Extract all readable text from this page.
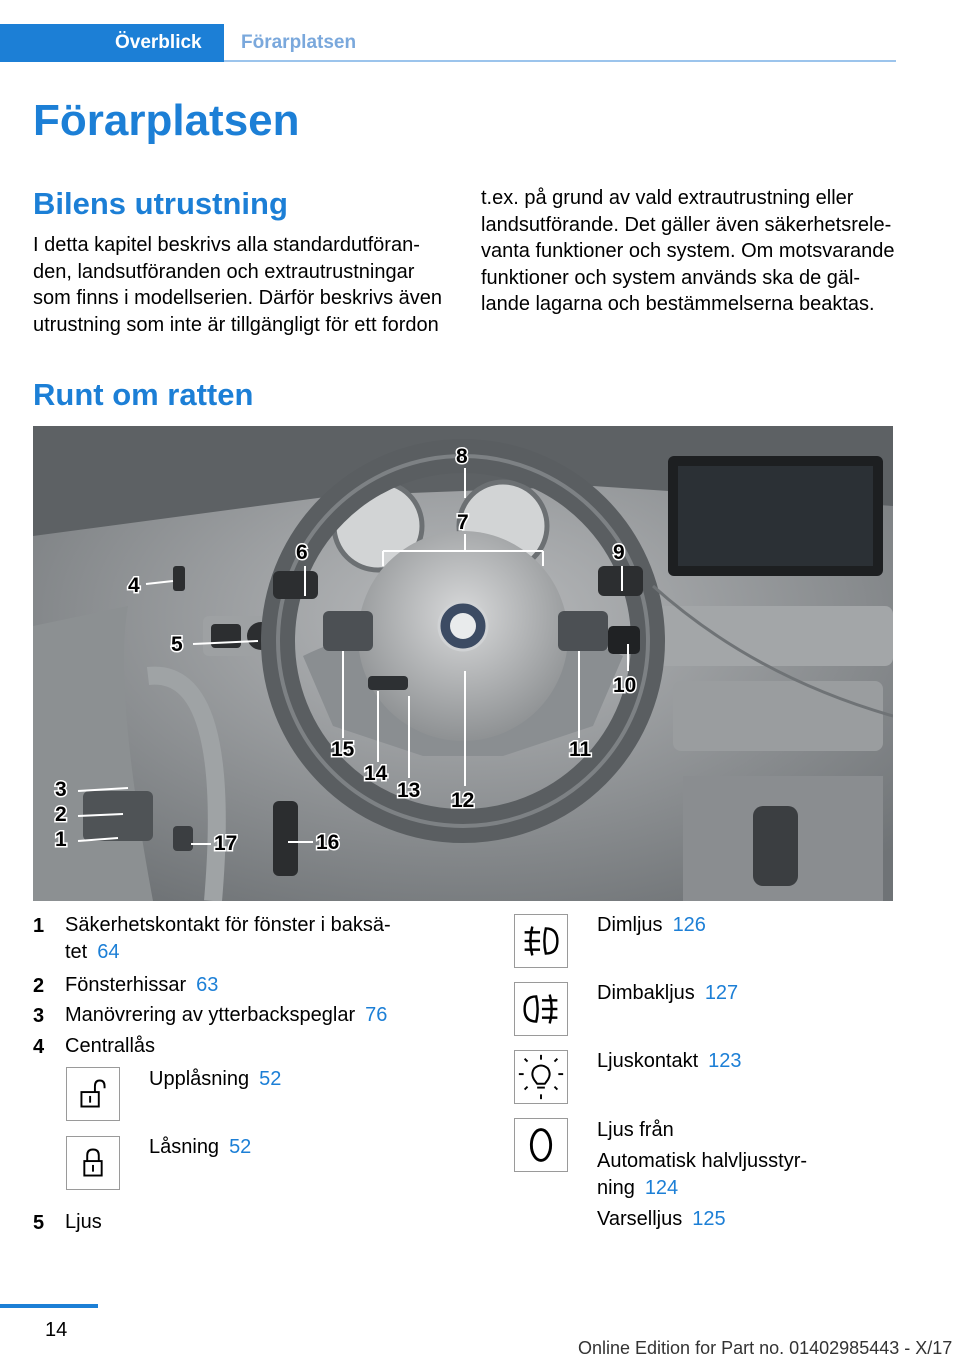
Överblick	Förarplatsen
Förarplatsen
Bilens utrustning
I detta kapitel beskrivs alla standardutföran-den, landsutföranden och extrautrustningar som finns i modellserien. Därför beskrivs även utrustning som inte är tillgängligt för ett fordon
t.ex. på grund av vald extrautrustning eller landsutförande. Det gäller även säkerhetsrele-vanta funktioner och system. Om motsvarande funktioner och system används ska de gäl-lande lagarna och bestämmelserna beaktas.
Runt om ratten
8
7
6	9
4
5
10
15	11
14
13 12
3
2
1	17	16
1 Säkerhetskontakt för fönster i baksä-tet 64
2 Fönsterhissar 63
3 Manövrering av ytterbackspeglar 76
4 Centrallås
Upplåsning 52
Låsning 52
5 Ljus
Dimljus 126
Dimbakljus 127
Ljuskontakt 123
Ljus från
Automatisk halvljusstyr-ning 124
Varselljus 125
14
Online Edition for Part no. 01402985443 - X/17
